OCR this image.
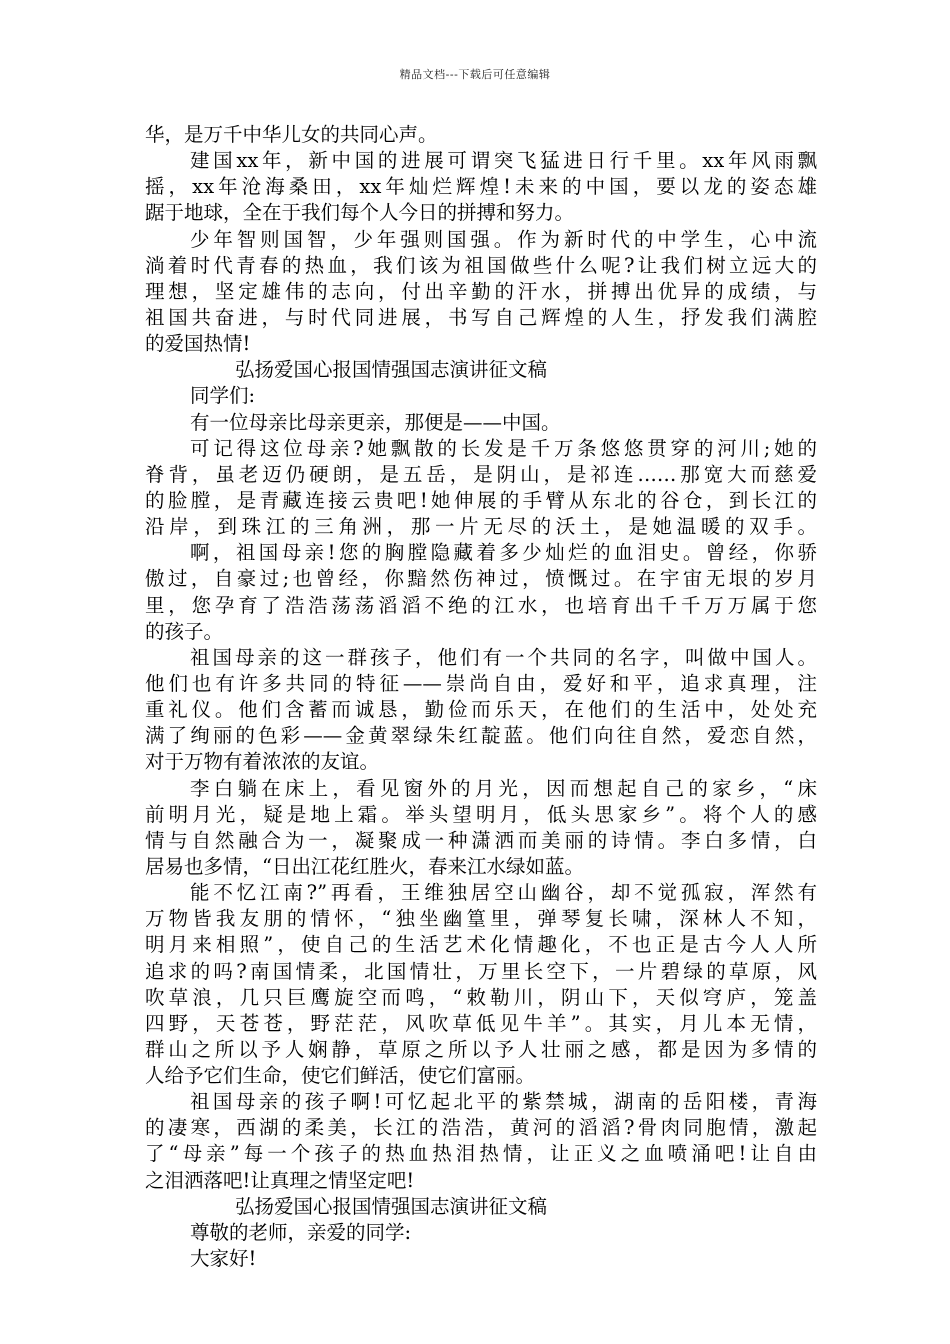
精品文档---下载后可任意编辑
华，是万千中华儿女的共同心声。
建国xx年，新中国的进展可谓突飞猛进日行千里。xx年风雨飘
摇，xx年沧海桑田，xx年灿烂辉煌!未来的中国，要以龙的姿态雄
踞于地球，全在于我们每个人今日的拼搏和努力。
少年智则国智，少年强则国强。作为新时代的中学生，心中流
淌着时代青春的热血，我们该为祖国做些什么呢?让我们树立远大的
理想，坚定雄伟的志向，付出辛勤的汗水，拼搏出优异的成绩，与
祖国共奋进，与时代同进展，书写自己辉煌的人生，抒发我们满腔
的爱国热情!
弘扬爱国心报国情强国志演讲征文稿
同学们:
有一位母亲比母亲更亲，那便是——中国。
可记得这位母亲?她飘散的长发是千万条悠悠贯穿的河川;她的
脊背，虽老迈仍硬朗，是五岳，是阴山，是祁连……那宽大而慈爱
的脸膛，是青藏连接云贵吧!她伸展的手臂从东北的谷仓，到长江的
沿岸，到珠江的三角洲，那一片无尽的沃土，是她温暖的双手。
啊，祖国母亲!您的胸膛隐藏着多少灿烂的血泪史。曾经，你骄
傲过，自豪过;也曾经，你黯然伤神过，愤慨过。在宇宙无垠的岁月
里，您孕育了浩浩荡荡滔滔不绝的江水，也培育出千千万万属于您
的孩子。
祖国母亲的这一群孩子，他们有一个共同的名字，叫做中国人。
他们也有许多共同的特征——崇尚自由，爱好和平，追求真理，注
重礼仪。他们含蓄而诚恳，勤俭而乐天，在他们的生活中，处处充
满了绚丽的色彩——金黄翠绿朱红靛蓝。他们向往自然，爱恋自然，
对于万物有着浓浓的友谊。
李白躺在床上，看见窗外的月光，因而想起自己的家乡，“床
前明月光，疑是地上霜。举头望明月，低头思家乡”。将个人的感
情与自然融合为一，凝聚成一种潇洒而美丽的诗情。李白多情，白
居易也多情，“日出江花红胜火，春来江水绿如蓝。
能不忆江南?”再看，王维独居空山幽谷，却不觉孤寂，浑然有
万物皆我友朋的情怀，“独坐幽篁里，弹琴复长啸，深林人不知，
明月来相照”，使自己的生活艺术化情趣化，不也正是古今人人所
追求的吗?南国情柔，北国情壮，万里长空下，一片碧绿的草原，风
吹草浪，几只巨鹰旋空而鸣，“敕勒川，阴山下，天似穹庐，笼盖
四野，天苍苍，野茫茫，风吹草低见牛羊”。其实，月儿本无情，
群山之所以予人娴静，草原之所以予人壮丽之感，都是因为多情的
人给予它们生命，使它们鲜活，使它们富丽。
祖国母亲的孩子啊!可忆起北平的紫禁城，湖南的岳阳楼，青海
的凄寒，西湖的柔美，长江的浩浩，黄河的滔滔?骨肉同胞情，激起
了“母亲”每一个孩子的热血热泪热情，让正义之血喷涌吧!让自由
之泪洒落吧!让真理之情坚定吧!
弘扬爱国心报国情强国志演讲征文稿
尊敬的老师，亲爱的同学:
大家好!
